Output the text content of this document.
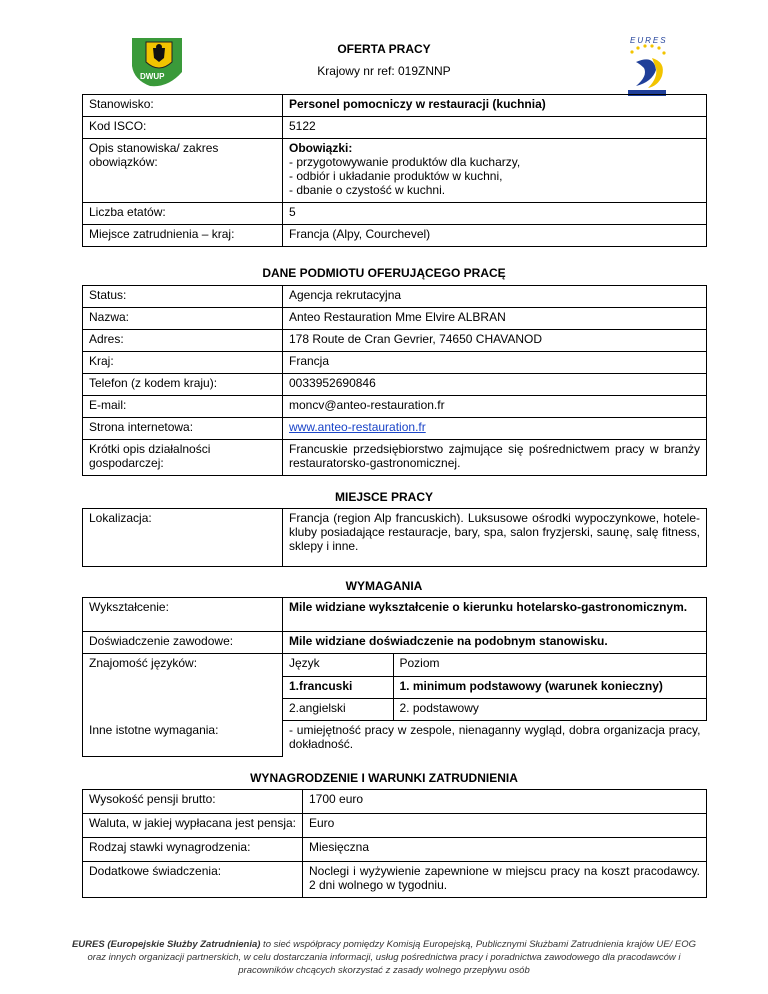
DWUP
EURES
OFERTA PRACY
Krajowy nr ref: 019ZNNP
Stanowisko:	Personel pomocniczy w restauracji (kuchnia)
Kod ISCO:	5122
Opis stanowiska/ zakres obowiązków:	Obowiązki:
- przygotowywanie produktów dla kucharzy,
- odbiór i układanie produktów w kuchni,
- dbanie o czystość w kuchni.

Liczba etatów:	5
Miejsce zatrudnienia – kraj:	Francja (Alpy, Courchevel)
DANE PODMIOTU OFERUJĄCEGO PRACĘ
Status:	Agencja rekrutacyjna
Nazwa:	Anteo Restauration Mme Elvire ALBRAN
Adres:	178 Route de Cran Gevrier, 74650 CHAVANOD
Kraj:	Francja
Telefon (z kodem kraju):	0033952690846
E-mail:	moncv@anteo-restauration.fr
Strona internetowa:	www.anteo-restauration.fr
Krótki opis działalności gospodarczej:	Francuskie przedsiębiorstwo zajmujące się pośrednictwem pracy w branży restauratorsko-gastronomicznej.
MIEJSCE PRACY
Lokalizacja:	Francja (region Alp francuskich). Luksusowe ośrodki wypoczynkowe, hotele-kluby posiadające restauracje, bary, spa, salon fryzjerski, saunę, salę fitness, sklepy i inne.
WYMAGANIA
Wykształcenie:	Mile widziane wykształcenie o kierunku hotelarsko-gastronomicznym.
Doświadczenie zawodowe:	Mile widziane doświadczenie na podobnym stanowisku.
Znajomość języków:		Język	Poziom
1.francuski	1. minimum podstawowy (warunek konieczny)
2.angielski	2. podstawowy

Inne istotne wymagania:	- umiejętność pracy w zespole, nienaganny wygląd, dobra organizacja pracy, dokładność.
WYNAGRODZENIE I WARUNKI ZATRUDNIENIA
Wysokość pensji brutto:	1700 euro
Waluta, w jakiej wypłacana jest pensja:	Euro
Rodzaj stawki wynagrodzenia:	Miesięczna
Dodatkowe świadczenia:	Noclegi i wyżywienie zapewnione w miejscu pracy na koszt pracodawcy. 2 dni wolnego w tygodniu.
EURES (Europejskie Służby Zatrudnienia) to sieć współpracy pomiędzy Komisją Europejską, Publicznymi Służbami Zatrudnienia krajów UE/ EOG oraz innych organizacji partnerskich, w celu dostarczania informacji, usług pośrednictwa pracy i poradnictwa zawodowego dla pracodawców i pracowników chcących skorzystać z zasady wolnego przepływu osób
